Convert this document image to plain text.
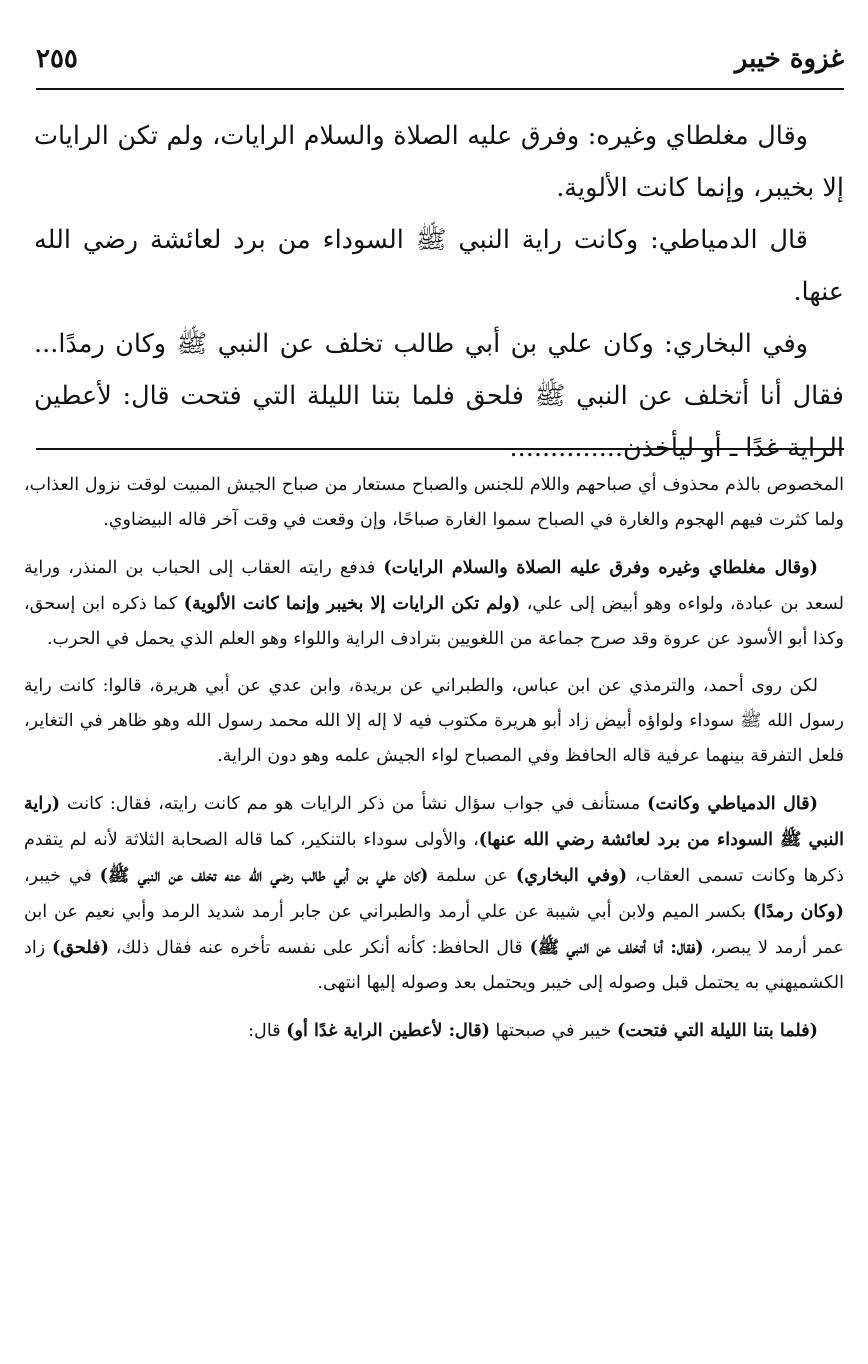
غزوة خيبر
٢٥٥

وقال مغلطاي وغيره: وفرق عليه الصلاة والسلام الرايات، ولم تكن الرايات إلا بخيبر، وإنما كانت الألوية.

قال الدمياطي: وكانت راية النبي ﷺ السوداء من برد لعائشة رضي الله عنها.

وفي البخاري: وكان علي بن أبي طالب تخلف عن النبي ﷺ وكان رمدًا... فقال أنا أتخلف عن النبي ﷺ فلحق فلما بتنا الليلة التي فتحت قال: لأعطين الراية غدًا ـ أو ليأخذن..............

المخصوص بالذم محذوف أي صباحهم واللام للجنس والصباح مستعار من صباح الجيش المبيت لوقت نزول العذاب، ولما كثرت فيهم الهجوم والغارة في الصباح سموا الغارة صباحًا، وإن وقعت في وقت آخر قاله البيضاوي.

(وقال مغلطاي وغيره وفرق عليه الصلاة والسلام الرايات) فدفع رايته العقاب إلى الحباب بن المنذر، وراية لسعد بن عبادة، ولواءه وهو أبيض إلى علي، (ولم تكن الرايات إلا بخيبر وإنما كانت الألوية) كما ذكره ابن إسحق، وكذا أبو الأسود عن عروة وقد صرح جماعة من اللغويين بترادف الراية واللواء وهو العلم الذي يحمل في الحرب.

لكن روى أحمد، والترمذي عن ابن عباس، والطبراني عن بريدة، وابن عدي عن أبي هريرة، قالوا: كانت راية رسول الله ﷺ سوداء ولواؤه أبيض زاد أبو هريرة مكتوب فيه لا إله إلا الله محمد رسول الله وهو ظاهر في التغاير، فلعل التفرقة بينهما عرفية قاله الحافظ وفي المصباح لواء الجيش علمه وهو دون الراية.

(قال الدمياطي وكانت) مستأنف في جواب سؤال نشأ من ذكر الرايات هو مم كانت رايته، فقال: كانت (راية النبي ﷺ السوداء من برد لعائشة رضي الله عنها)، والأولى سوداء بالتنكير، كما قاله الصحابة الثلاثة لأنه لم يتقدم ذكرها وكانت تسمى العقاب، (وفي البخاري) عن سلمة (كان علي بن أبي طالب رضي الله عنه تخلف عن النبي ﷺ) في خيبر، (وكان رمدًا) بكسر الميم ولابن أبي شيبة عن علي أرمد والطبراني عن جابر أرمد شديد الرمد وأبي نعيم عن ابن عمر أرمد لا يبصر، (فقال: أنا أتخلف عن النبي ﷺ) قال الحافظ: كأنه أنكر على نفسه تأخره عنه فقال ذلك، (فلحق) زاد الكشميهني به يحتمل قبل وصوله إلى خيبر ويحتمل بعد وصوله إليها انتهى.

(فلما بتنا الليلة التي فتحت) خيبر في صبحتها (قال: لأعطين الراية غدًا أو) قال:
